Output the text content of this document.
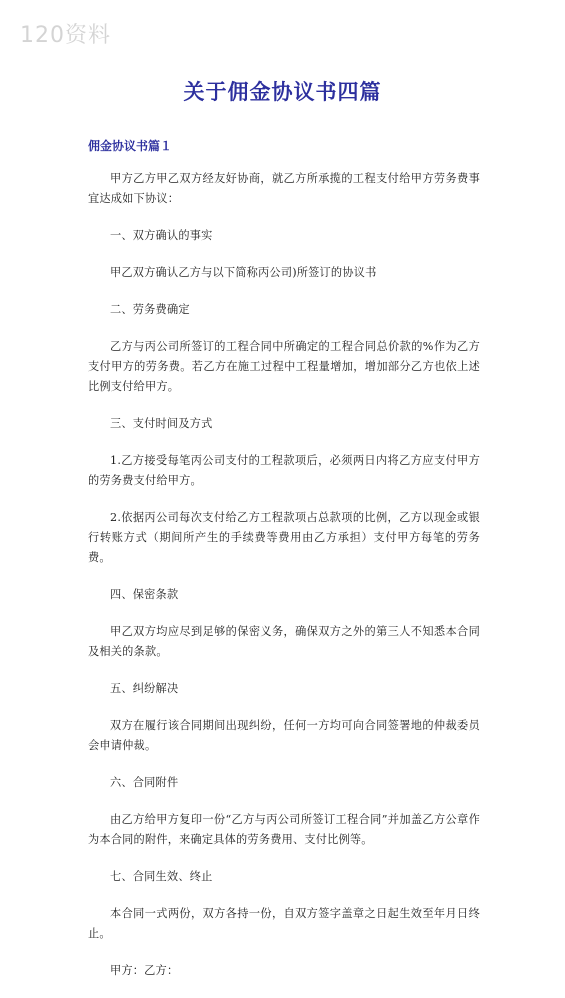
120资料
关于佣金协议书四篇
佣金协议书篇１

甲方乙方甲乙双方经友好协商，就乙方所承揽的工程支付给甲方劳务费事宜达成如下协议：

一、双方确认的事实

甲乙双方确认乙方与以下简称丙公司)所签订的协议书

二、劳务费确定

乙方与丙公司所签订的工程合同中所确定的工程合同总价款的%作为乙方支付甲方的劳务费。若乙方在施工过程中工程量增加，增加部分乙方也依上述比例支付给甲方。

三、支付时间及方式

1.乙方接受每笔丙公司支付的工程款项后，必须两日内将乙方应支付甲方的劳务费支付给甲方。

2.依据丙公司每次支付给乙方工程款项占总款项的比例，乙方以现金或银行转账方式（期间所产生的手续费等费用由乙方承担）支付甲方每笔的劳务费。

四、保密条款

甲乙双方均应尽到足够的保密义务，确保双方之外的第三人不知悉本合同及相关的条款。

五、纠纷解决

双方在履行该合同期间出现纠纷，任何一方均可向合同签署地的仲裁委员会申请仲裁。

六、合同附件

由乙方给甲方复印一份“乙方与丙公司所签订工程合同”并加盖乙方公章作为本合同的附件，来确定具体的劳务费用、支付比例等。

七、合同生效、终止

本合同一式两份，双方各持一份，自双方签字盖章之日起生效至年月日终止。

甲方：乙方：
